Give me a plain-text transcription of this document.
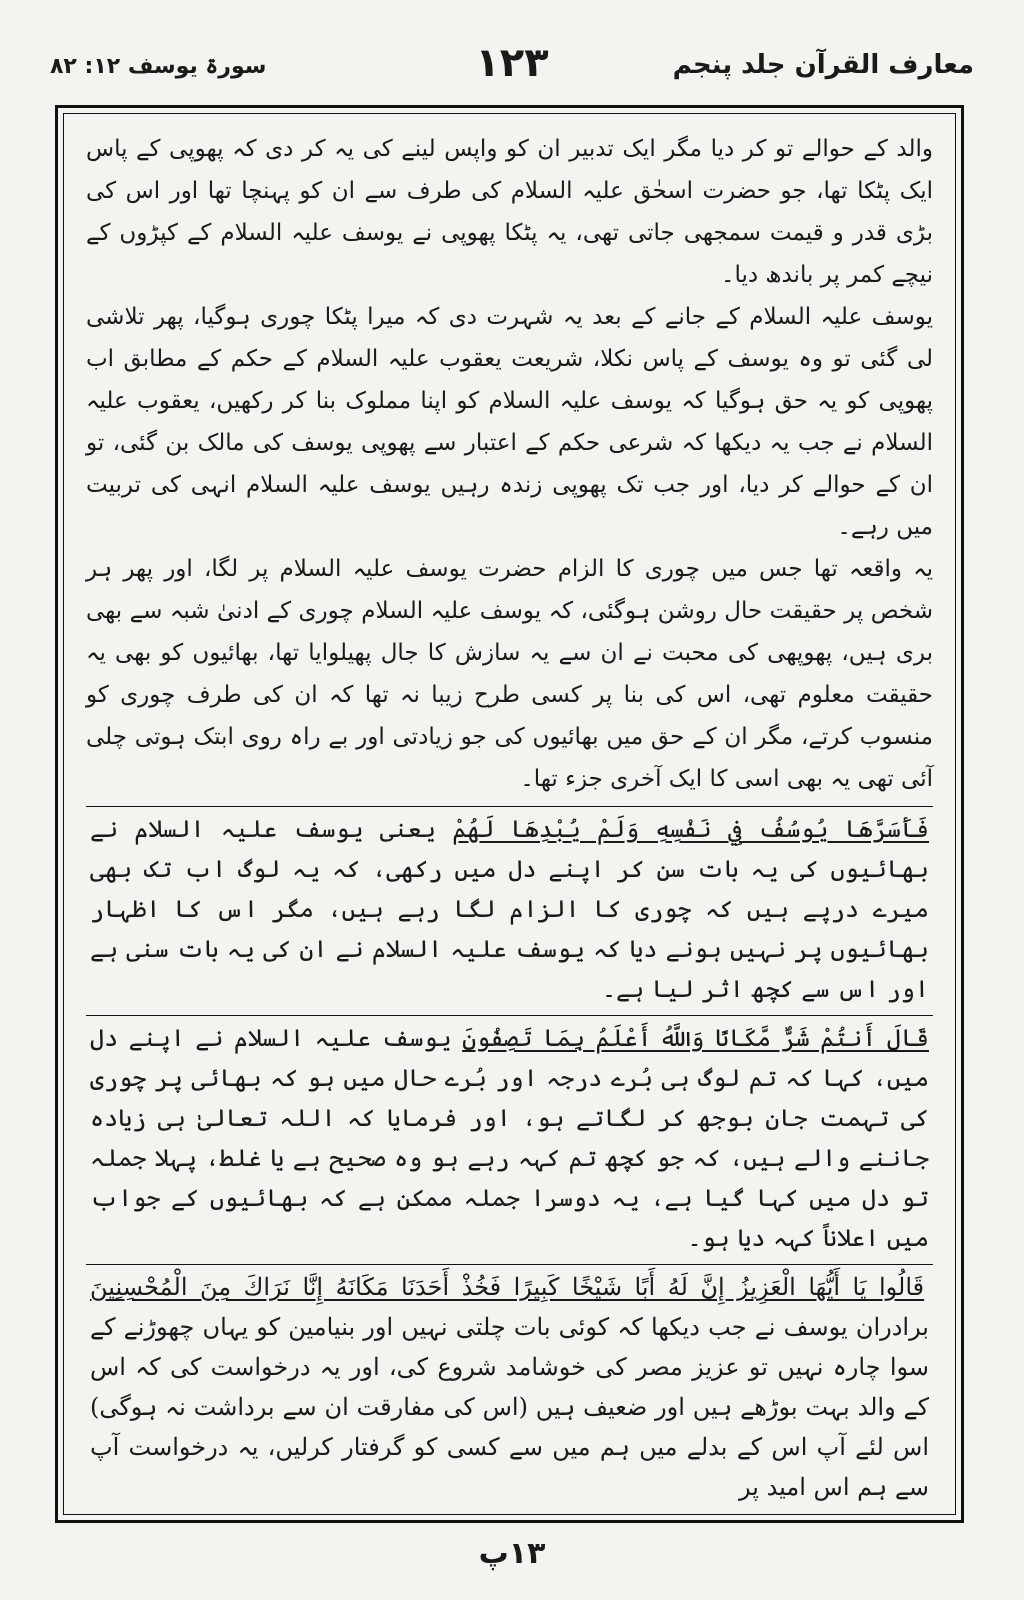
معارف القرآن جلد پنجم
۱۲۳
سورۃ یوسف ۱۲: ۸۲

والد کے حوالے تو کر دیا مگر ایک تدبیر ان کو واپس لینے کی یہ کر دی کہ پھوپی کے پاس ایک پٹکا تھا، جو حضرت اسحٰق علیہ السلام کی طرف سے ان کو پہنچا تھا اور اس کی بڑی قدر و قیمت سمجھی جاتی تھی، یہ پٹکا پھوپی نے یوسف علیہ السلام کے کپڑوں کے نیچے کمر پر باندھ دیا۔

یوسف علیہ السلام کے جانے کے بعد یہ شہرت دی کہ میرا پٹکا چوری ہوگیا، پھر تلاشی لی گئی تو وہ یوسف کے پاس نکلا، شریعت یعقوب علیہ السلام کے حکم کے مطابق اب پھوپی کو یہ حق ہوگیا کہ یوسف علیہ السلام کو اپنا مملوک بنا کر رکھیں، یعقوب علیہ السلام نے جب یہ دیکھا کہ شرعی حکم کے اعتبار سے پھوپی یوسف کی مالک بن گئی، تو ان کے حوالے کر دیا، اور جب تک پھوپی زندہ رہیں یوسف علیہ السلام انہی کی تربیت میں رہے۔

یہ واقعہ تھا جس میں چوری کا الزام حضرت یوسف علیہ السلام پر لگا، اور پھر ہر شخص پر حقیقت حال روشن ہوگئی، کہ یوسف علیہ السلام چوری کے ادنیٰ شبہ سے بھی بری ہیں، پھوپھی کی محبت نے ان سے یہ سازش کا جال پھیلوایا تھا، بھائیوں کو بھی یہ حقیقت معلوم تھی، اس کی بنا پر کسی طرح زیبا نہ تھا کہ ان کی طرف چوری کو منسوب کرتے، مگر ان کے حق میں بھائیوں کی جو زیادتی اور بے راہ روی ابتک ہوتی چلی آئی تھی یہ بھی اسی کا ایک آخری جزء تھا۔

فَأَسَرَّهَا يُوسُفُ فِي نَفْسِهِ وَلَمْ يُبْدِهَا لَهُمْ یعنی یوسف علیہ السلام نے بھائیوں کی یہ بات سن کر اپنے دل میں رکھی، کہ یہ لوگ اب تک بھی میرے درپے ہیں کہ چوری کا الزام لگا رہے ہیں، مگر اس کا اظہار بھائیوں پر نہیں ہونے دیا کہ یوسف علیہ السلام نے ان کی یہ بات سنی ہے اور اس سے کچھ اثر لیا ہے۔
قَالَ أَنتُمْ شَرٌّ مَّكَانًا وَاللَّهُ أَعْلَمُ بِمَا تَصِفُونَ یوسف علیہ السلام نے اپنے دل میں، کہا کہ تم لوگ ہی بُرے درجہ اور بُرے حال میں ہو کہ بھائی پر چوری کی تہمت جان بوجھ کر لگاتے ہو، اور فرمایا کہ اللہ تعالیٰ ہی زیادہ جاننے والے ہیں، کہ جو کچھ تم کہہ رہے ہو وہ صحیح ہے یا غلط، پہلا جملہ تو دل میں کہا گیا ہے، یہ دوسرا جملہ ممکن ہے کہ بھائیوں کے جواب میں اعلاناً کہہ دیا ہو۔
قَالُوا يَا أَيُّهَا الْعَزِيزُ إِنَّ لَهُ أَبًا شَيْخًا كَبِيرًا فَخُذْ أَحَدَنَا مَكَانَهُ إِنَّا نَرَاكَ مِنَ الْمُحْسِنِينَ برادران یوسف نے جب دیکھا کہ کوئی بات چلتی نہیں اور بنیامین کو یہاں چھوڑنے کے سوا چارہ نہیں تو عزیز مصر کی خوشامد شروع کی، اور یہ درخواست کی کہ اس کے والد بہت بوڑھے ہیں اور ضعیف ہیں (اس کی مفارقت ان سے برداشت نہ ہوگی) اس لئے آپ اس کے بدلے میں ہم میں سے کسی کو گرفتار کرلیں، یہ درخواست آپ سے ہم اس امید پر
۱۳پ
